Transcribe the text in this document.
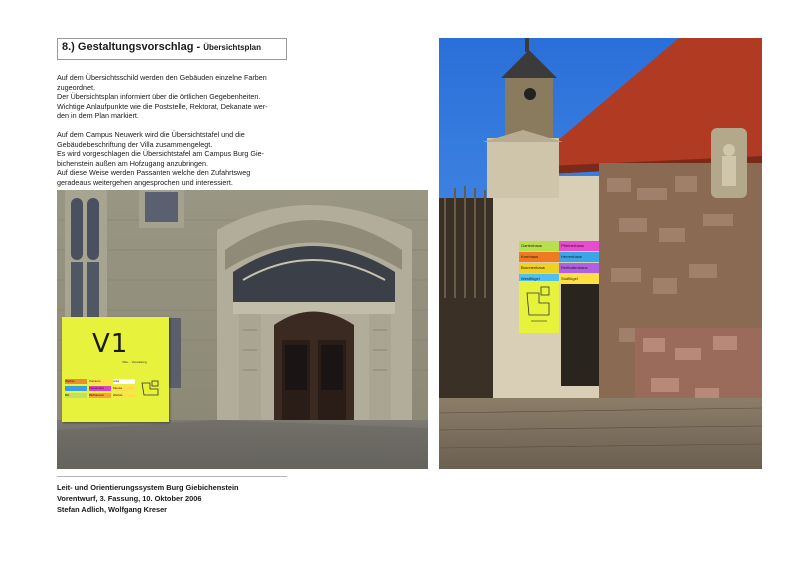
8.) Gestaltungsvorschlag - Übersichtsplan

Auf dem Übersichtsschild werden den Gebäuden einzelne Farben
zugeordnet.
Der Übersichtsplan informiert über die örtlichen Gegebenheiten.
Wichtige Anlaufpunkte wie die Poststelle, Rektorat, Dekanate wer-
den in dem Plan markiert.

Auf dem Campus Neuwerk wird die Übersichtstafel und die
Gebäudebeschriftung der Villa zusammengelegt.
Es wird vorgeschlagen die Übersichtstafel am Campus Burg Gie-
bichenstein außen am Hofzugang anzubringen.
Auf diese Weise werden Passanten welche den Zufahrtsweg
geradeaus weitergehen angesprochen und interessiert.

V1
Villa ... Verwaltung
Werkst.	Vorraum	Aula
...	Fotowerkst.	Mensa
Bib.	Bildhauerei	Werkst.
Gartenhaus	Pförtnerhaus
Kornhaus	Herrenhaus
Brunnenhaus	Reithallenhaus
Westflügel	Südflügel
Leit- und Orientierungssystem Burg Giebichenstein
Vorentwurf, 3. Fassung, 10. Oktober 2006
Stefan Adlich, Wolfgang Kreser
